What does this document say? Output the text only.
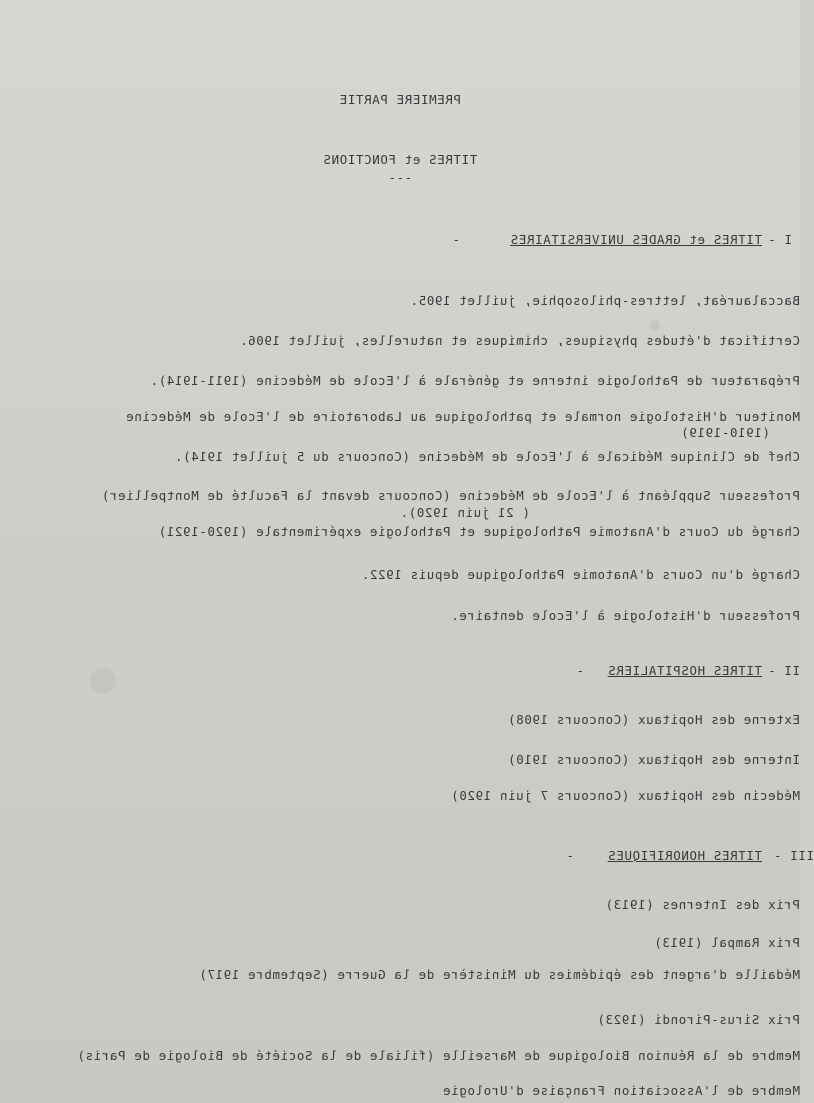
PREMIERE PARTIE
TITRES et FONCTIONS
---
I -
TITRES et GRADES UNIVERSITAIRES
-
Baccalauréat, lettres-philosophie, juillet 1905.
Certificat d'études physiques, chimiques et naturelles, juillet 1906.
Préparateur de Pathologie interne et générale à l'Ecole de Médecine (1911-1914).
Moniteur d'Histologie normale et pathologique au Laboratoire de l'Ecole de Médecine
(1910-1919)
Chef de Clinique Médicale à l'Ecole de Médecine (Concours du 5 juillet 1914).
Professeur Suppléant à l'Ecole de Médecine (Concours devant la Faculté de Montpellier)
( 21 juin 1920).
Chargé du Cours d'Anatomie Pathologique et Pathologie expérimentale (1920-1921)
Chargé d'un Cours d'Anatomie Pathologique depuis 1922.
Professeur d'Histologie à l'Ecole dentaire.
II -
TITRES HOSPITALIERS
-
Externe des Hopitaux (Concours 1908)
Interne des Hopitaux (Concours 1910)
Médecin des Hopitaux (Concours 7 juin 1920)
III -
TITRES HONORIFIQUES
-
Prix des Internes (1913)
Prix Rampal (1913)
Médaille d'argent des épidémies du Ministère de la Guerre (Septembre 1917)
Prix Sirus-Pirondi (1923)
Membre de la Réunion Biologique de Marseille (filiale de la Société de Biologie de Paris)
Membre de l'Association Française d'Urologie
